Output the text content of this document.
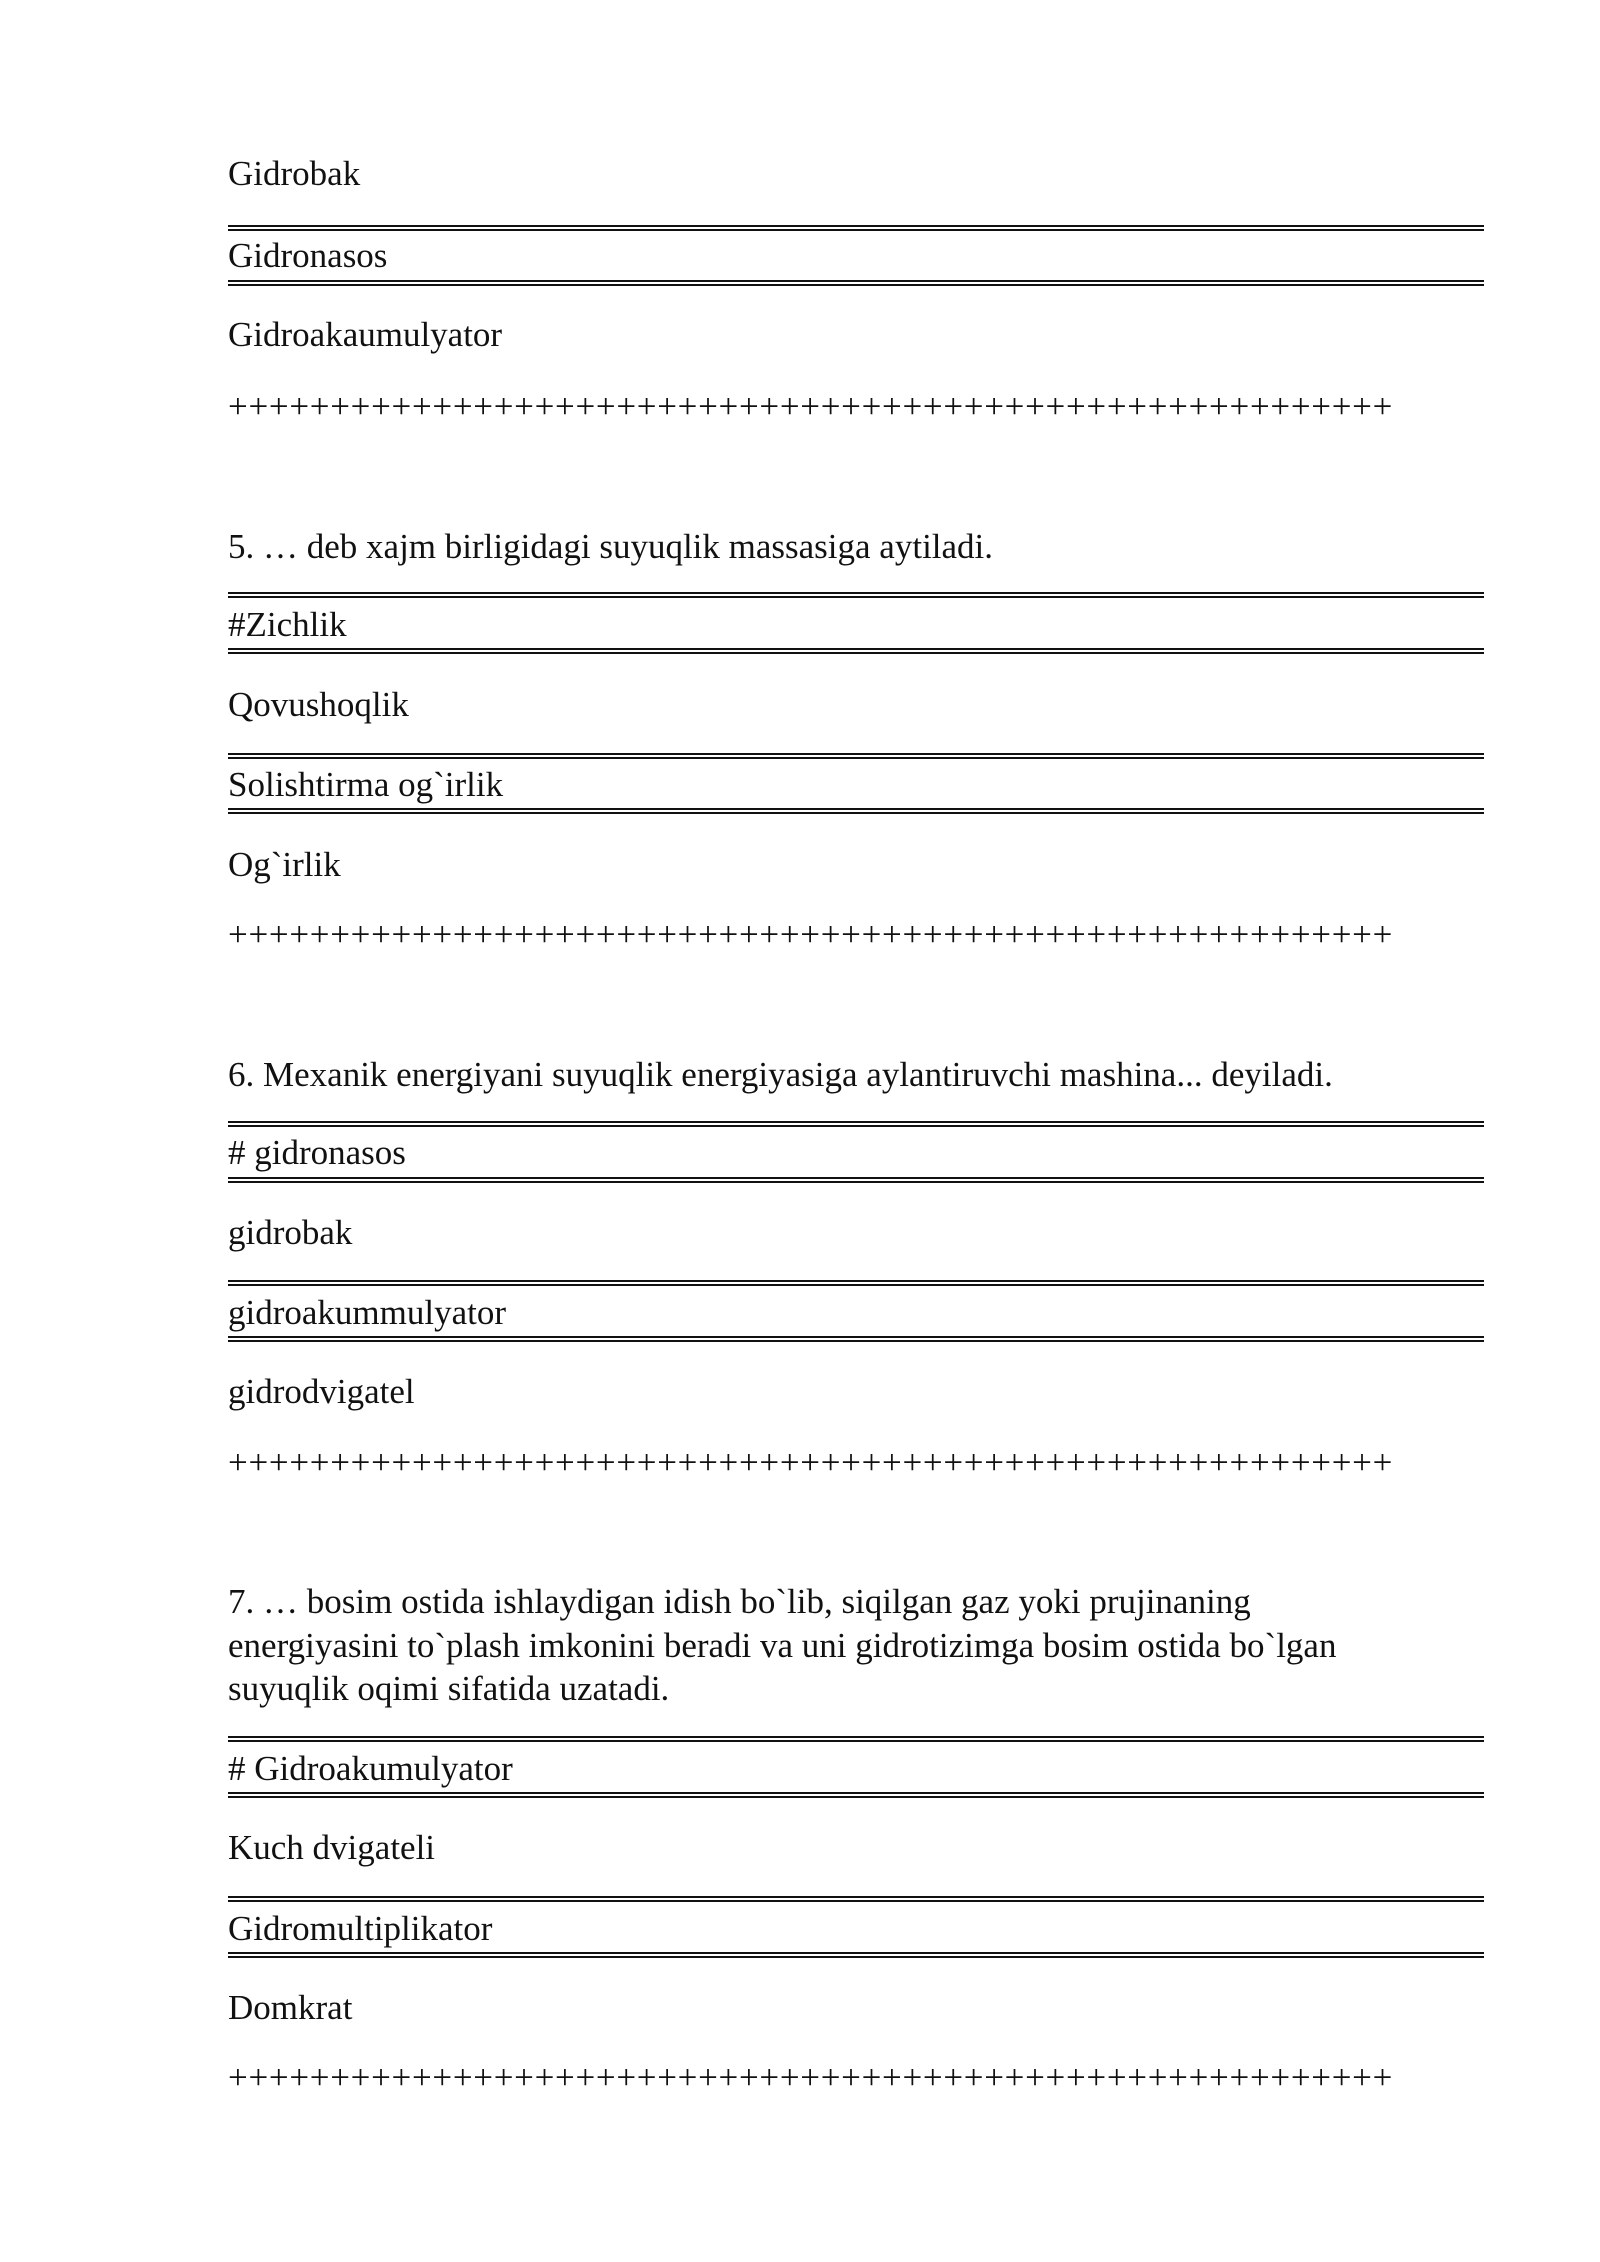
Gidrobak
Gidronasos
Gidroakaumulyator
+++++++++++++++++++++++++++++++++++++++++++++++++++++++++
5. … deb xajm birligidagi suyuqlik massasiga aytiladi.
#Zichlik
Qovushoqlik
Solishtirma og`irlik
Og`irlik
+++++++++++++++++++++++++++++++++++++++++++++++++++++++++
6. Mexanik energiyani suyuqlik energiyasiga aylantiruvchi mashina... deyiladi.
# gidronasos
gidrobak
gidroakummulyator
gidrodvigatel
+++++++++++++++++++++++++++++++++++++++++++++++++++++++++
7. … bosim ostida ishlaydigan idish bo`lib, siqilgan gaz yoki prujinaning
energiyasini to`plash imkonini beradi va uni gidrotizimga bosim ostida bo`lgan
suyuqlik oqimi sifatida uzatadi.
# Gidroakumulyator
Kuch dvigateli
Gidromultiplikator
Domkrat
+++++++++++++++++++++++++++++++++++++++++++++++++++++++++
